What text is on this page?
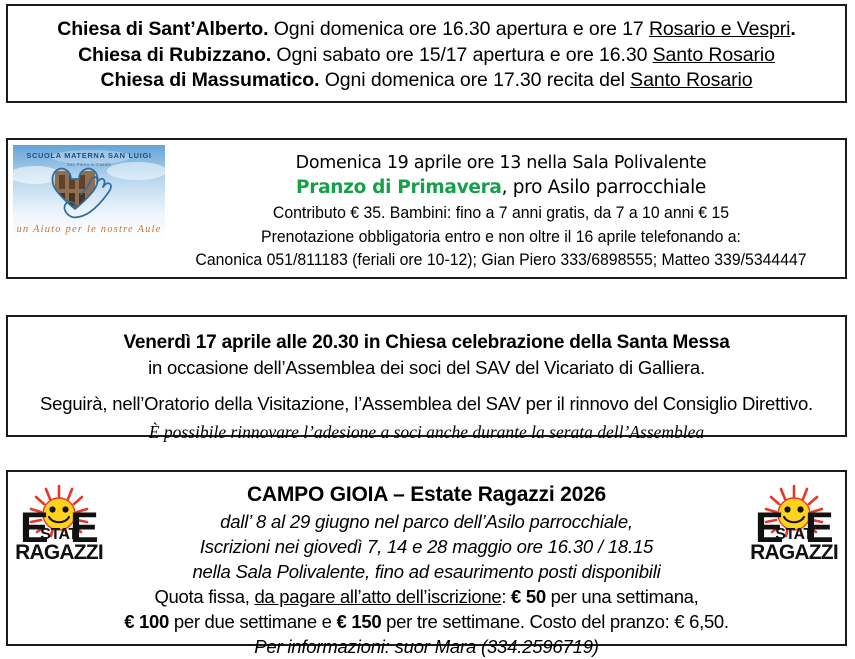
Chiesa di Sant’Alberto. Ogni domenica ore 16.30 apertura e ore 17 Rosario e Vespri.
Chiesa di Rubizzano. Ogni sabato ore 15/17 apertura e ore 16.30 Santo Rosario
Chiesa di Massumatico. Ogni domenica ore 17.30 recita del Santo Rosario
SCUOLA MATERNA SAN LUIGI
San Pietro in Casale
un Aiuto per le nostre Aule
Domenica 19 aprile ore 13 nella Sala Polivalente
Pranzo di Primavera, pro Asilo parrocchiale
Contributo € 35. Bambini: fino a 7 anni gratis, da 7 a 10 anni € 15
Prenotazione obbligatoria entro e non oltre il 16 aprile telefonando a:
Canonica 051/811183 (feriali ore 10-12); Gian Piero 333/6898555; Matteo 339/5344447
Venerdì 17 aprile alle 20.30 in Chiesa celebrazione della Santa Messa
in occasione dell’Assemblea dei soci del SAV del Vicariato di Galliera.
Seguirà, nell’Oratorio della Visitazione, l’Assemblea del SAV per il rinnovo del Consiglio Direttivo.
È possibile rinnovare l’adesione a soci anche durante la serata dell’Assemblea
E E
STAT
RAGAZZI
CAMPO GIOIA – Estate Ragazzi 2026
dall’ 8 al 29 giugno nel parco dell’Asilo parrocchiale,
Iscrizioni nei giovedì 7, 14 e 28 maggio ore 16.30 / 18.15
nella Sala Polivalente, fino ad esaurimento posti disponibili
Quota fissa, da pagare all’atto dell’iscrizione: € 50 per una settimana,
€ 100 per due settimane e € 150 per tre settimane. Costo del pranzo: € 6,50.
Per informazioni: suor Mara (334.2596719)
E E
STAT
RAGAZZI
